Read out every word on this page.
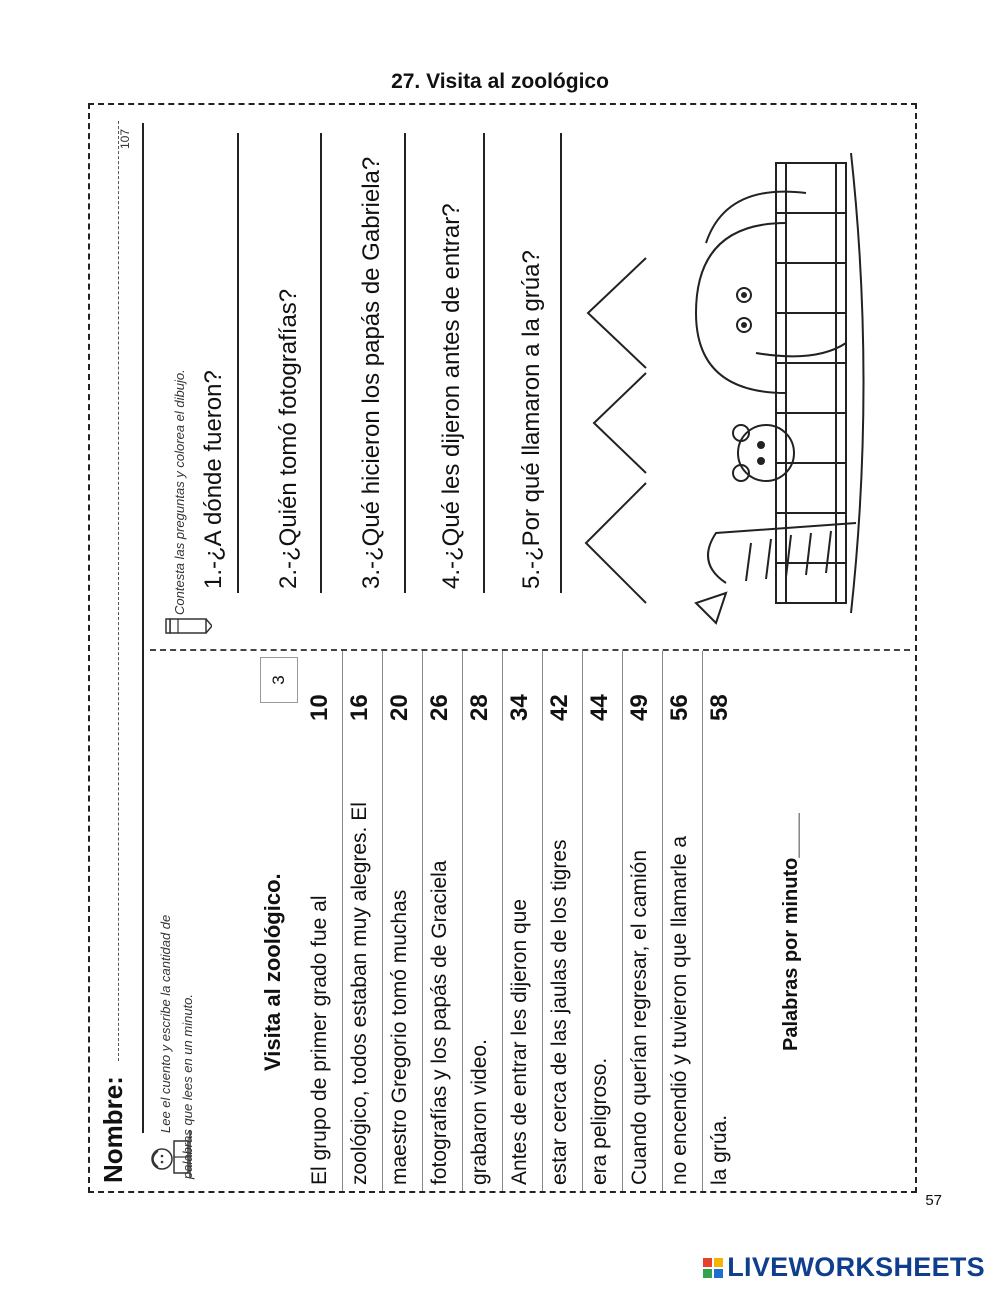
27. Visita al zoológico
Nombre: Lee el cuento y escribe la cantidad de palabras que lees en un minuto.
Visita al zoológico.
3
El grupo de primer grado fue al
10
zoológico, todos estaban muy alegres. El
16
maestro Gregorio tomó muchas
20
fotografías y los papás de Graciela
26
grabaron video.
28
Antes de entrar les dijeron que
34
estar cerca de las jaulas de los tigres
42
era peligroso.
44
Cuando querían regresar, el camión
49
no encendió y tuvieron que llamarle a
56
la grúa.
58
Palabras por minuto____
Contesta las preguntas y colorea el dibujo. 1.-¿A dónde fueron? 2.-¿Quién tomó fotografías? 3.-¿Qué hicieron los papás de Gabriela? 4.-¿Qué les dijeron antes de entrar? 5.-¿Por qué llamaron a la grúa?
107
57
LIVEWORKSHEETS
